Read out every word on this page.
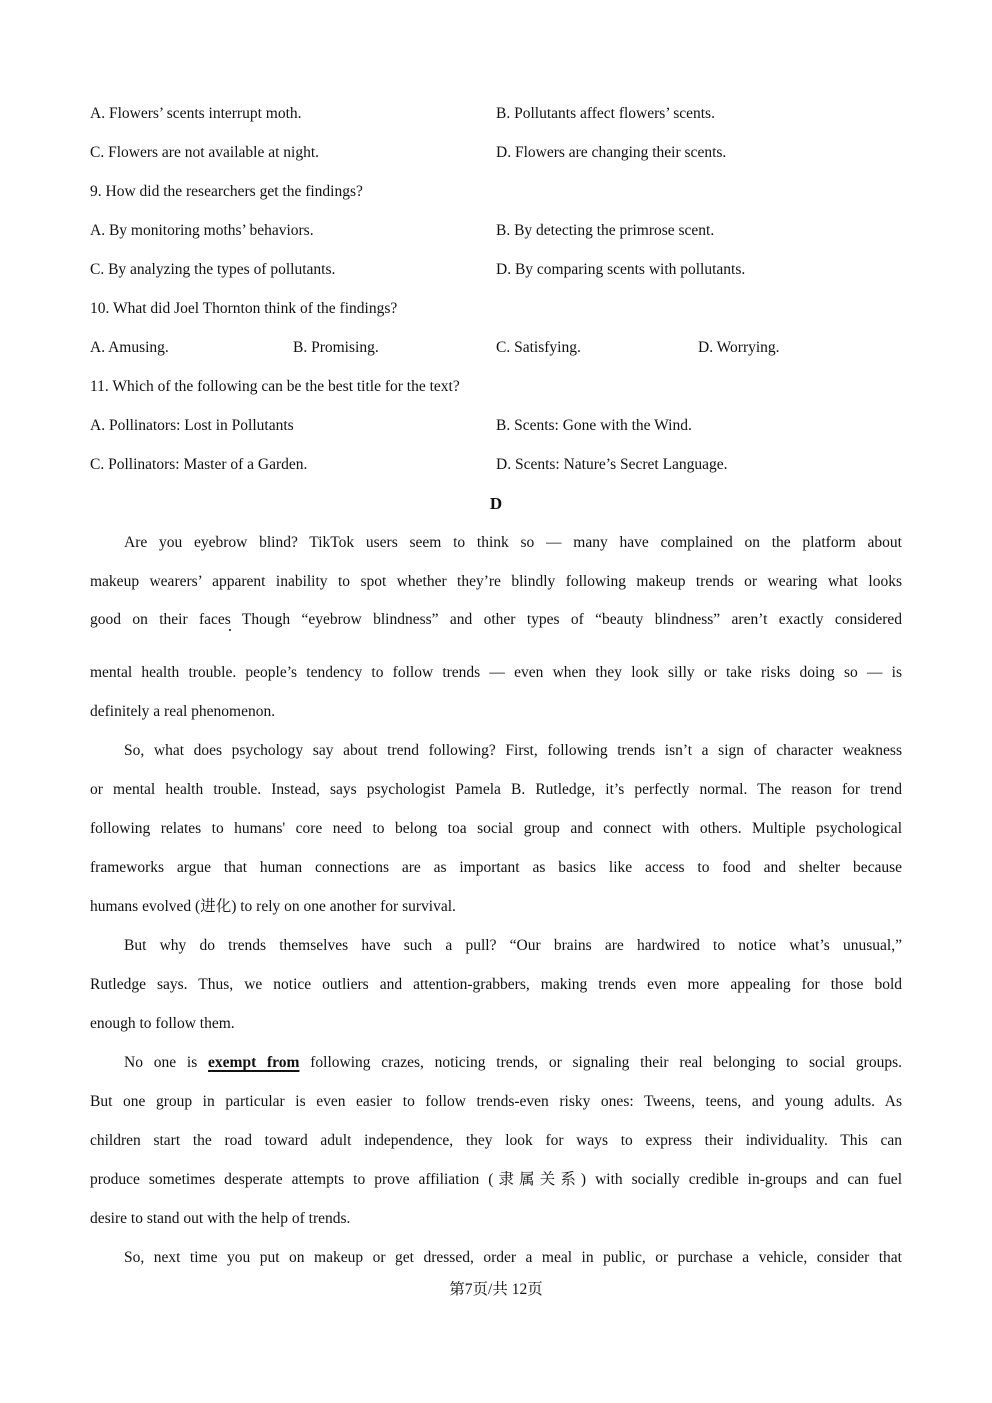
A. Flowers’ scents interrupt moth.	B. Pollutants affect flowers’ scents.
C. Flowers are not available at night.	D. Flowers are changing their scents.
9. How did the researchers get the findings?
A. By monitoring moths’ behaviors.	B. By detecting the primrose scent.
C. By analyzing the types of pollutants.	D. By comparing scents with pollutants.
10. What did Joel Thornton think of the findings?
A. Amusing.	B. Promising.	C. Satisfying.	D. Worrying.
11. Which of the following can be the best title for the text?
A. Pollinators: Lost in Pollutants	B. Scents: Gone with the Wind.
C. Pollinators: Master of a Garden.	D. Scents: Nature’s Secret Language.
D
Are you eyebrow blind? TikTok users seem to think so — many have complained on the platform about
makeup wearers’ apparent inability to spot whether they’re blindly following makeup trends or wearing what looks
good on their faces Though “eyebrow blindness” and other types of “beauty blindness” aren’t exactly considered
mental health trouble. people’s tendency to follow trends — even when they look silly or take risks doing so — is
definitely a real phenomenon.
So, what does psychology say about trend following? First, following trends isn’t a sign of character weakness
or mental health trouble. Instead, says psychologist Pamela B. Rutledge, it’s perfectly normal. The reason for trend
following relates to humans' core need to belong toa social group and connect with others. Multiple psychological
frameworks argue that human connections are as important as basics like access to food and shelter because
humans evolved (进化) to rely on one another for survival.
But why do trends themselves have such a pull? “Our brains are hardwired to notice what’s unusual,”
Rutledge says. Thus, we notice outliers and attention-grabbers, making trends even more appealing for those bold
enough to follow them.
No one is exempt from following crazes, noticing trends, or signaling their real belonging to social groups.
But one group in particular is even easier to follow trends-even risky ones: Tweens, teens, and young adults. As
children start the road toward adult independence, they look for ways to express their individuality. This can
produce sometimes desperate attempts to prove affiliation (隶属关系) with socially credible in-groups and can fuel
desire to stand out with the help of trends.
So, next time you put on makeup or get dressed, order a meal in public, or purchase a vehicle, consider that
第7页/共 12页
